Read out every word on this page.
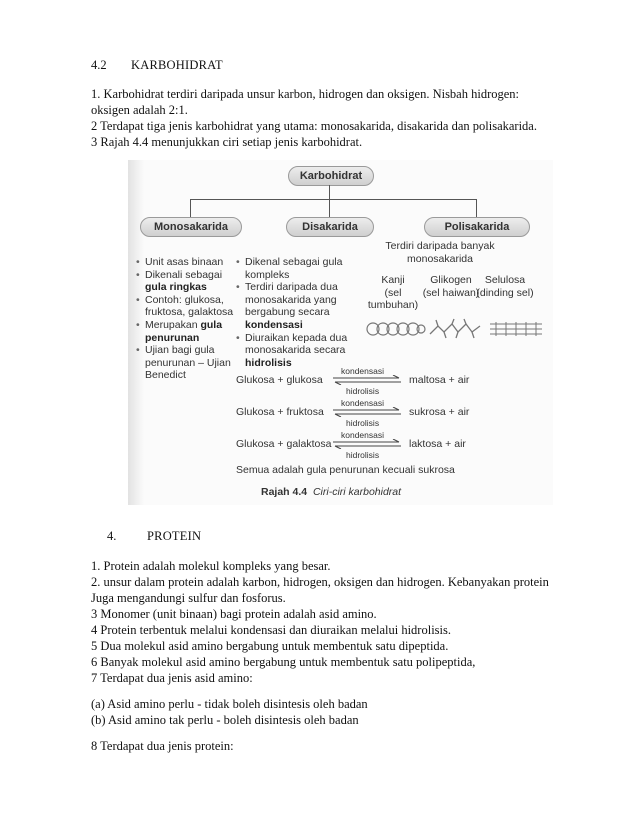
4.2 KARBOHIDRAT
1. Karbohidrat terdiri daripada unsur karbon, hidrogen dan oksigen. Nisbah hidrogen:
oksigen adalah 2:1.
2 Terdapat tiga jenis karbohidrat yang utama: monosakarida, disakarida dan polisakarida.
3 Rajah 4.4 menunjukkan ciri setiap jenis karbohidrat.
Karbohidrat
Monosakarida	Disakarida	Polisakarida
• Unit asas binaan
• Dikenali sebagai gula ringkas
• Contoh: glukosa, fruktosa, galaktosa
• Merupakan gula penurunan
• Ujian bagi gula penurunan – Ujian Benedict
• Dikenal sebagai gula kompleks
• Terdiri daripada dua monosakarida yang bergabung secara kondensasi
• Diuraikan kepada dua monosakarida secara hidrolisis
Terdiri daripada banyak monosakarida
Kanji
(sel tumbuhan)
Glikogen
(sel haiwan)
Selulosa
(dinding sel)
Glukosa + glukosa
kondensasi
hidrolisis
maltosa + air
Glukosa + fruktosa
kondensasi
hidrolisis
sukrosa + air
Glukosa + galaktosa
kondensasi
hidrolisis
laktosa + air
Semua adalah gula penurunan kecuali sukrosa
Rajah 4.4 Ciri-ciri karbohidrat
4. PROTEIN
1. Protein adalah molekul kompleks yang besar.
2. unsur dalam protein adalah karbon, hidrogen, oksigen dan hidrogen. Kebanyakan protein
Juga mengandungi sulfur dan fosforus.
3 Monomer (unit binaan) bagi protein adalah asid amino.
4 Protein terbentuk melalui kondensasi dan diuraikan melalui hidrolisis.
5 Dua molekul asid amino bergabung untuk membentuk satu dipeptida.
6 Banyak molekul asid amino bergabung untuk membentuk satu polipeptida,
7 Terdapat dua jenis asid amino:
(a) Asid amino perlu - tidak boleh disintesis oleh badan
(b) Asid amino tak perlu - boleh disintesis oleh badan
8 Terdapat dua jenis protein:
